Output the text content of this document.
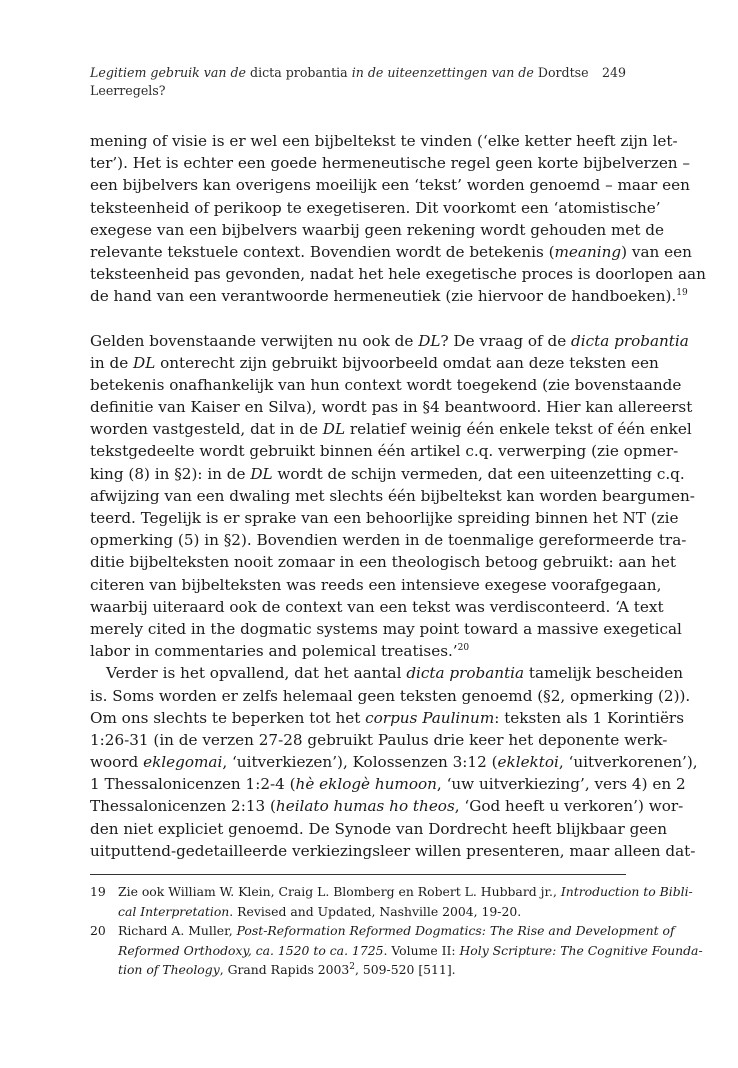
Legitiem gebruik van de dicta probantia in de uiteenzettingen van de Dordtse Leerregels?
249
mening of visie is er wel een bijbeltekst te vinden (‘elke ketter heeft zijn let-
ter’). Het is echter een goede hermeneutische regel geen korte bijbelverzen –
een bijbelvers kan overigens moeilijk een ‘tekst’ worden genoemd – maar een
teksteenheid of perikoop te exegetiseren. Dit voorkomt een ‘atomistische’
exegese van een bijbelvers waarbij geen rekening wordt gehouden met de
relevante tekstuele context. Bovendien wordt de betekenis (meaning) van een
teksteenheid pas gevonden, nadat het hele exegetische proces is doorlopen aan
de hand van een verantwoorde hermeneutiek (zie hiervoor de handboeken).$^{19}$
Gelden bovenstaande verwijten nu ook de DL? De vraag of de dicta probantia
in de DL onterecht zijn gebruikt bijvoorbeeld omdat aan deze teksten een
betekenis onafhankelijk van hun context wordt toegekend (zie bovenstaande
definitie van Kaiser en Silva), wordt pas in §4 beantwoord. Hier kan allereerst
worden vastgesteld, dat in de DL relatief weinig één enkele tekst of één enkel
tekstgedeelte wordt gebruikt binnen één artikel c.q. verwerping (zie opmer-
king (8) in §2): in de DL wordt de schijn vermeden, dat een uiteenzetting c.q.
afwijzing van een dwaling met slechts één bijbeltekst kan worden beargumen-
teerd. Tegelijk is er sprake van een behoorlijke spreiding binnen het NT (zie
opmerking (5) in §2). Bovendien werden in de toenmalige gereformeerde tra-
ditie bijbelteksten nooit zomaar in een theologisch betoog gebruikt: aan het
citeren van bijbelteksten was reeds een intensieve exegese voorafgegaan,
waarbij uiteraard ook de context van een tekst was verdisconteerd. ‘A text
merely cited in the dogmatic systems may point toward a massive exegetical
labor in commentaries and polemical treatises.’$^{20}$
Verder is het opvallend, dat het aantal dicta probantia tamelijk bescheiden
is. Soms worden er zelfs helemaal geen teksten genoemd (§2, opmerking (2)).
Om ons slechts te beperken tot het corpus Paulinum: teksten als 1 Korintiërs
1:26-31 (in de verzen 27-28 gebruikt Paulus drie keer het deponente werk-
woord eklegomai, ‘uitverkiezen’), Kolossenzen 3:12 (eklektoi, ‘uitverkorenen’),
1 Thessalonicenzen 1:2-4 (hè eklogè humoon, ‘uw uitverkiezing’, vers 4) en 2
Thessalonicenzen 2:13 (heilato humas ho theos, ‘God heeft u verkoren’) wor-
den niet expliciet genoemd. De Synode van Dordrecht heeft blijkbaar geen
uitputtend-gedetailleerde verkiezingsleer willen presenteren, maar alleen dat-
19 Zie ook William W. Klein, Craig L. Blomberg en Robert L. Hubbard jr., Introduction to Bibli-
cal Interpretation. Revised and Updated, Nashville 2004, 19-20.
20 Richard A. Muller, Post-Reformation Reformed Dogmatics: The Rise and Development of
Reformed Orthodoxy, ca. 1520 to ca. 1725. Volume II: Holy Scripture: The Cognitive Founda-
tion of Theology, Grand Rapids 2003$^2$, 509-520 [511].
